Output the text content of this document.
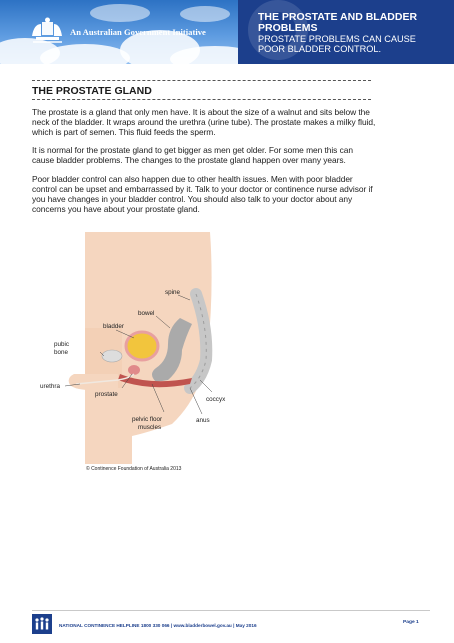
An Australian Government Initiative
THE PROSTATE AND BLADDER PROBLEMS
PROSTATE PROBLEMS CAN CAUSE POOR BLADDER CONTROL.
THE PROSTATE GLAND

The prostate is a gland that only men have. It is about the size of a walnut and sits below the neck of the bladder. It wraps around the urethra (urine tube). The prostate makes a milky fluid, which is part of semen. This fluid feeds the sperm.

It is normal for the prostate gland to get bigger as men get older. For some men this can cause bladder problems. The changes to the prostate gland happen over many years.

Poor bladder control can also happen due to other health issues. Men with poor bladder control can be upset and embarrassed by it. Talk to your doctor or continence nurse advisor if you have changes in your bladder control. You should also talk to your doctor about any concerns you have about your prostate gland.

spine
bowel
bladder
pubic
bone
urethra
prostate
coccyx
pelvic floor
muscles
anus
© Continence Foundation of Australia 2013
NATIONAL CONTINENCE HELPLINE 1800 330 066 | www.bladderbowel.gov.au | May 2016
Page 1
